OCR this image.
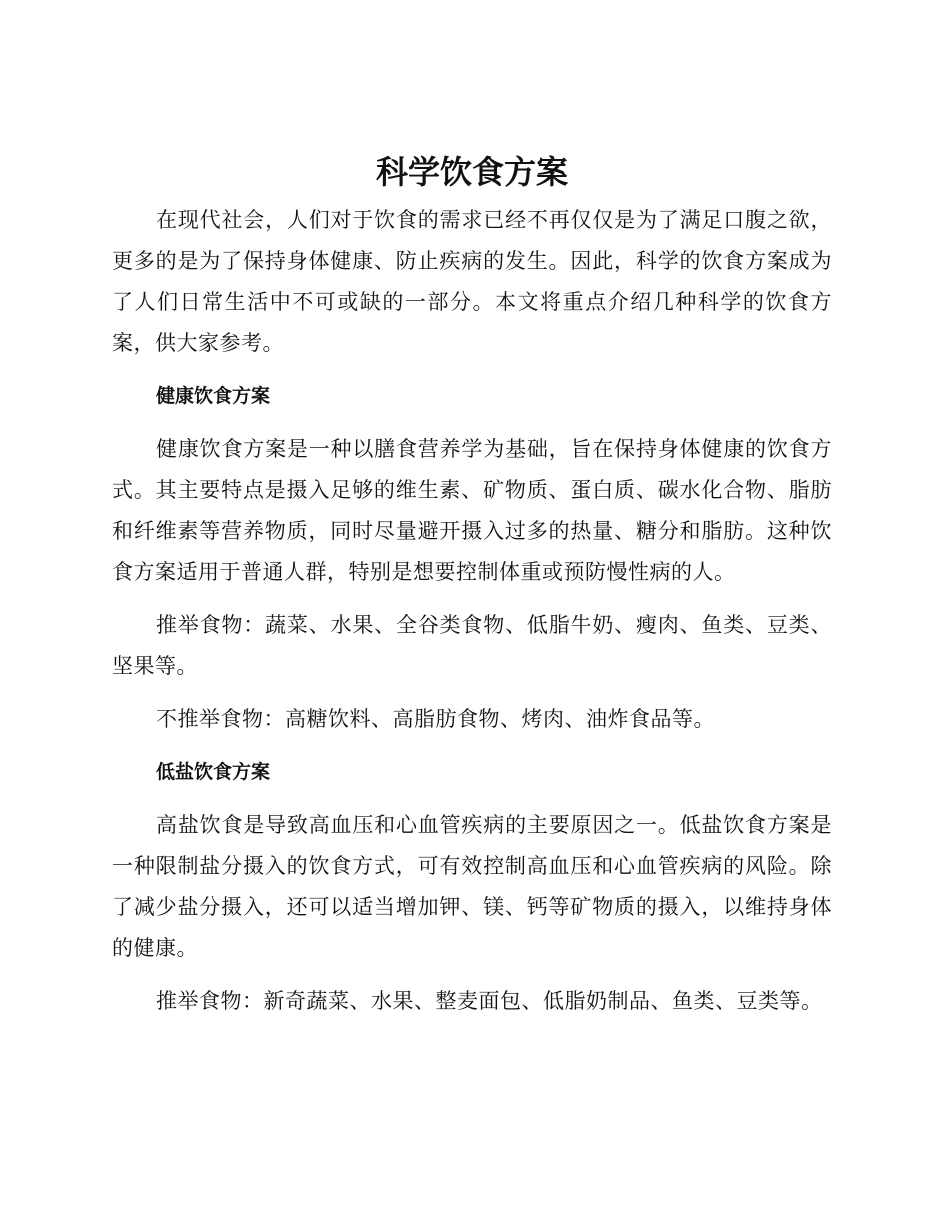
科学饮食方案

在现代社会，人们对于饮食的需求已经不再仅仅是为了满足口腹之欲，更多的是为了保持身体健康、防止疾病的发生。因此，科学的饮食方案成为了人们日常生活中不可或缺的一部分。本文将重点介绍几种科学的饮食方案，供大家参考。

健康饮食方案

健康饮食方案是一种以膳食营养学为基础，旨在保持身体健康的饮食方式。其主要特点是摄入足够的维生素、矿物质、蛋白质、碳水化合物、脂肪和纤维素等营养物质，同时尽量避开摄入过多的热量、糖分和脂肪。这种饮食方案适用于普通人群，特别是想要控制体重或预防慢性病的人。

推举食物：蔬菜、水果、全谷类食物、低脂牛奶、瘦肉、鱼类、豆类、坚果等。

不推举食物：高糖饮料、高脂肪食物、烤肉、油炸食品等。

低盐饮食方案

高盐饮食是导致高血压和心血管疾病的主要原因之一。低盐饮食方案是一种限制盐分摄入的饮食方式，可有效控制高血压和心血管疾病的风险。除了减少盐分摄入，还可以适当增加钾、镁、钙等矿物质的摄入，以维持身体的健康。

推举食物：新奇蔬菜、水果、整麦面包、低脂奶制品、鱼类、豆类等。
